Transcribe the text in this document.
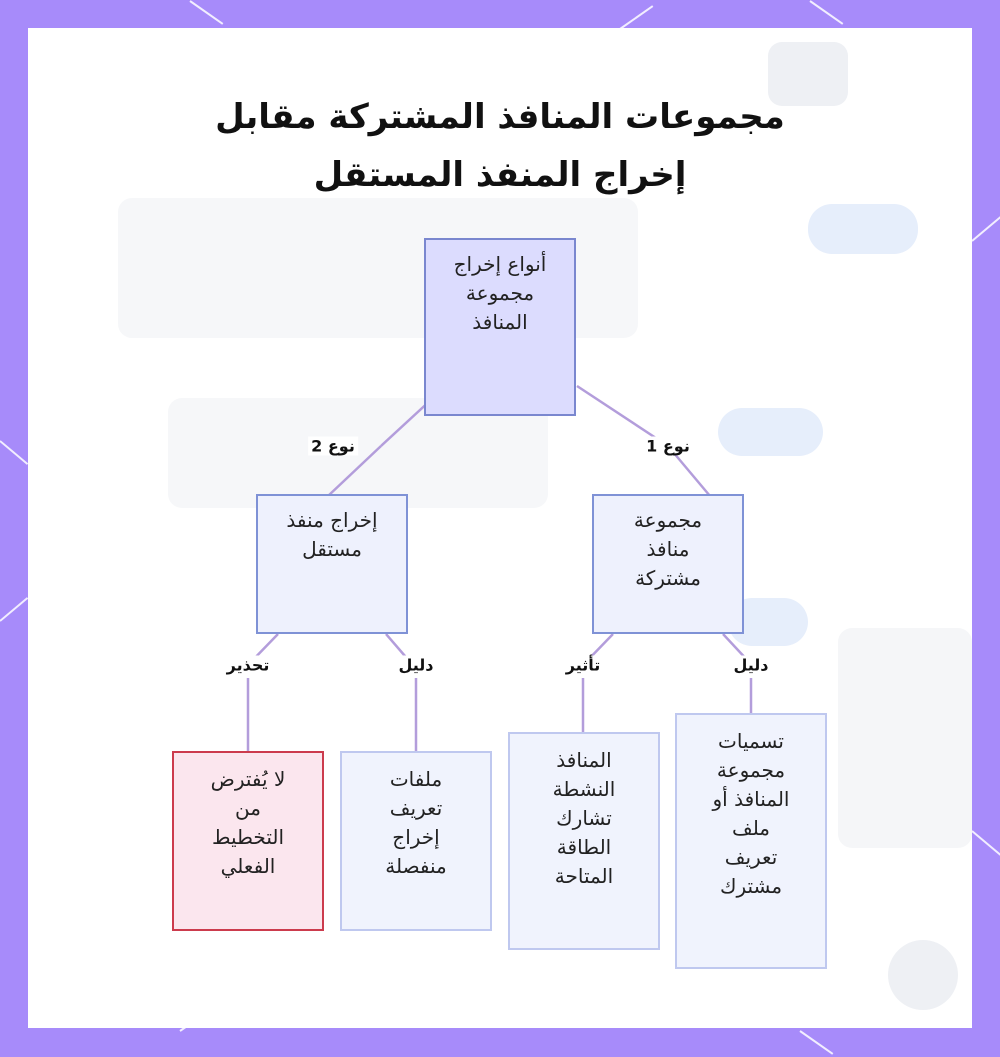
مجموعات المنافذ المشتركة مقابل
إخراج المنفذ المستقل
أنواع إخراج
مجموعة
المنافذ
مجموعة
منافذ
مشتركة
إخراج منفذ
مستقل
تسميات
مجموعة
المنافذ أو
ملف
تعريف
مشترك
المنافذ
النشطة
تشارك
الطاقة
المتاحة
ملفات
تعريف
إخراج
منفصلة
لا يُفترض
من
التخطيط
الفعلي
نوع 1
نوع 2
تحذير	دليل	تأثير	دليل
